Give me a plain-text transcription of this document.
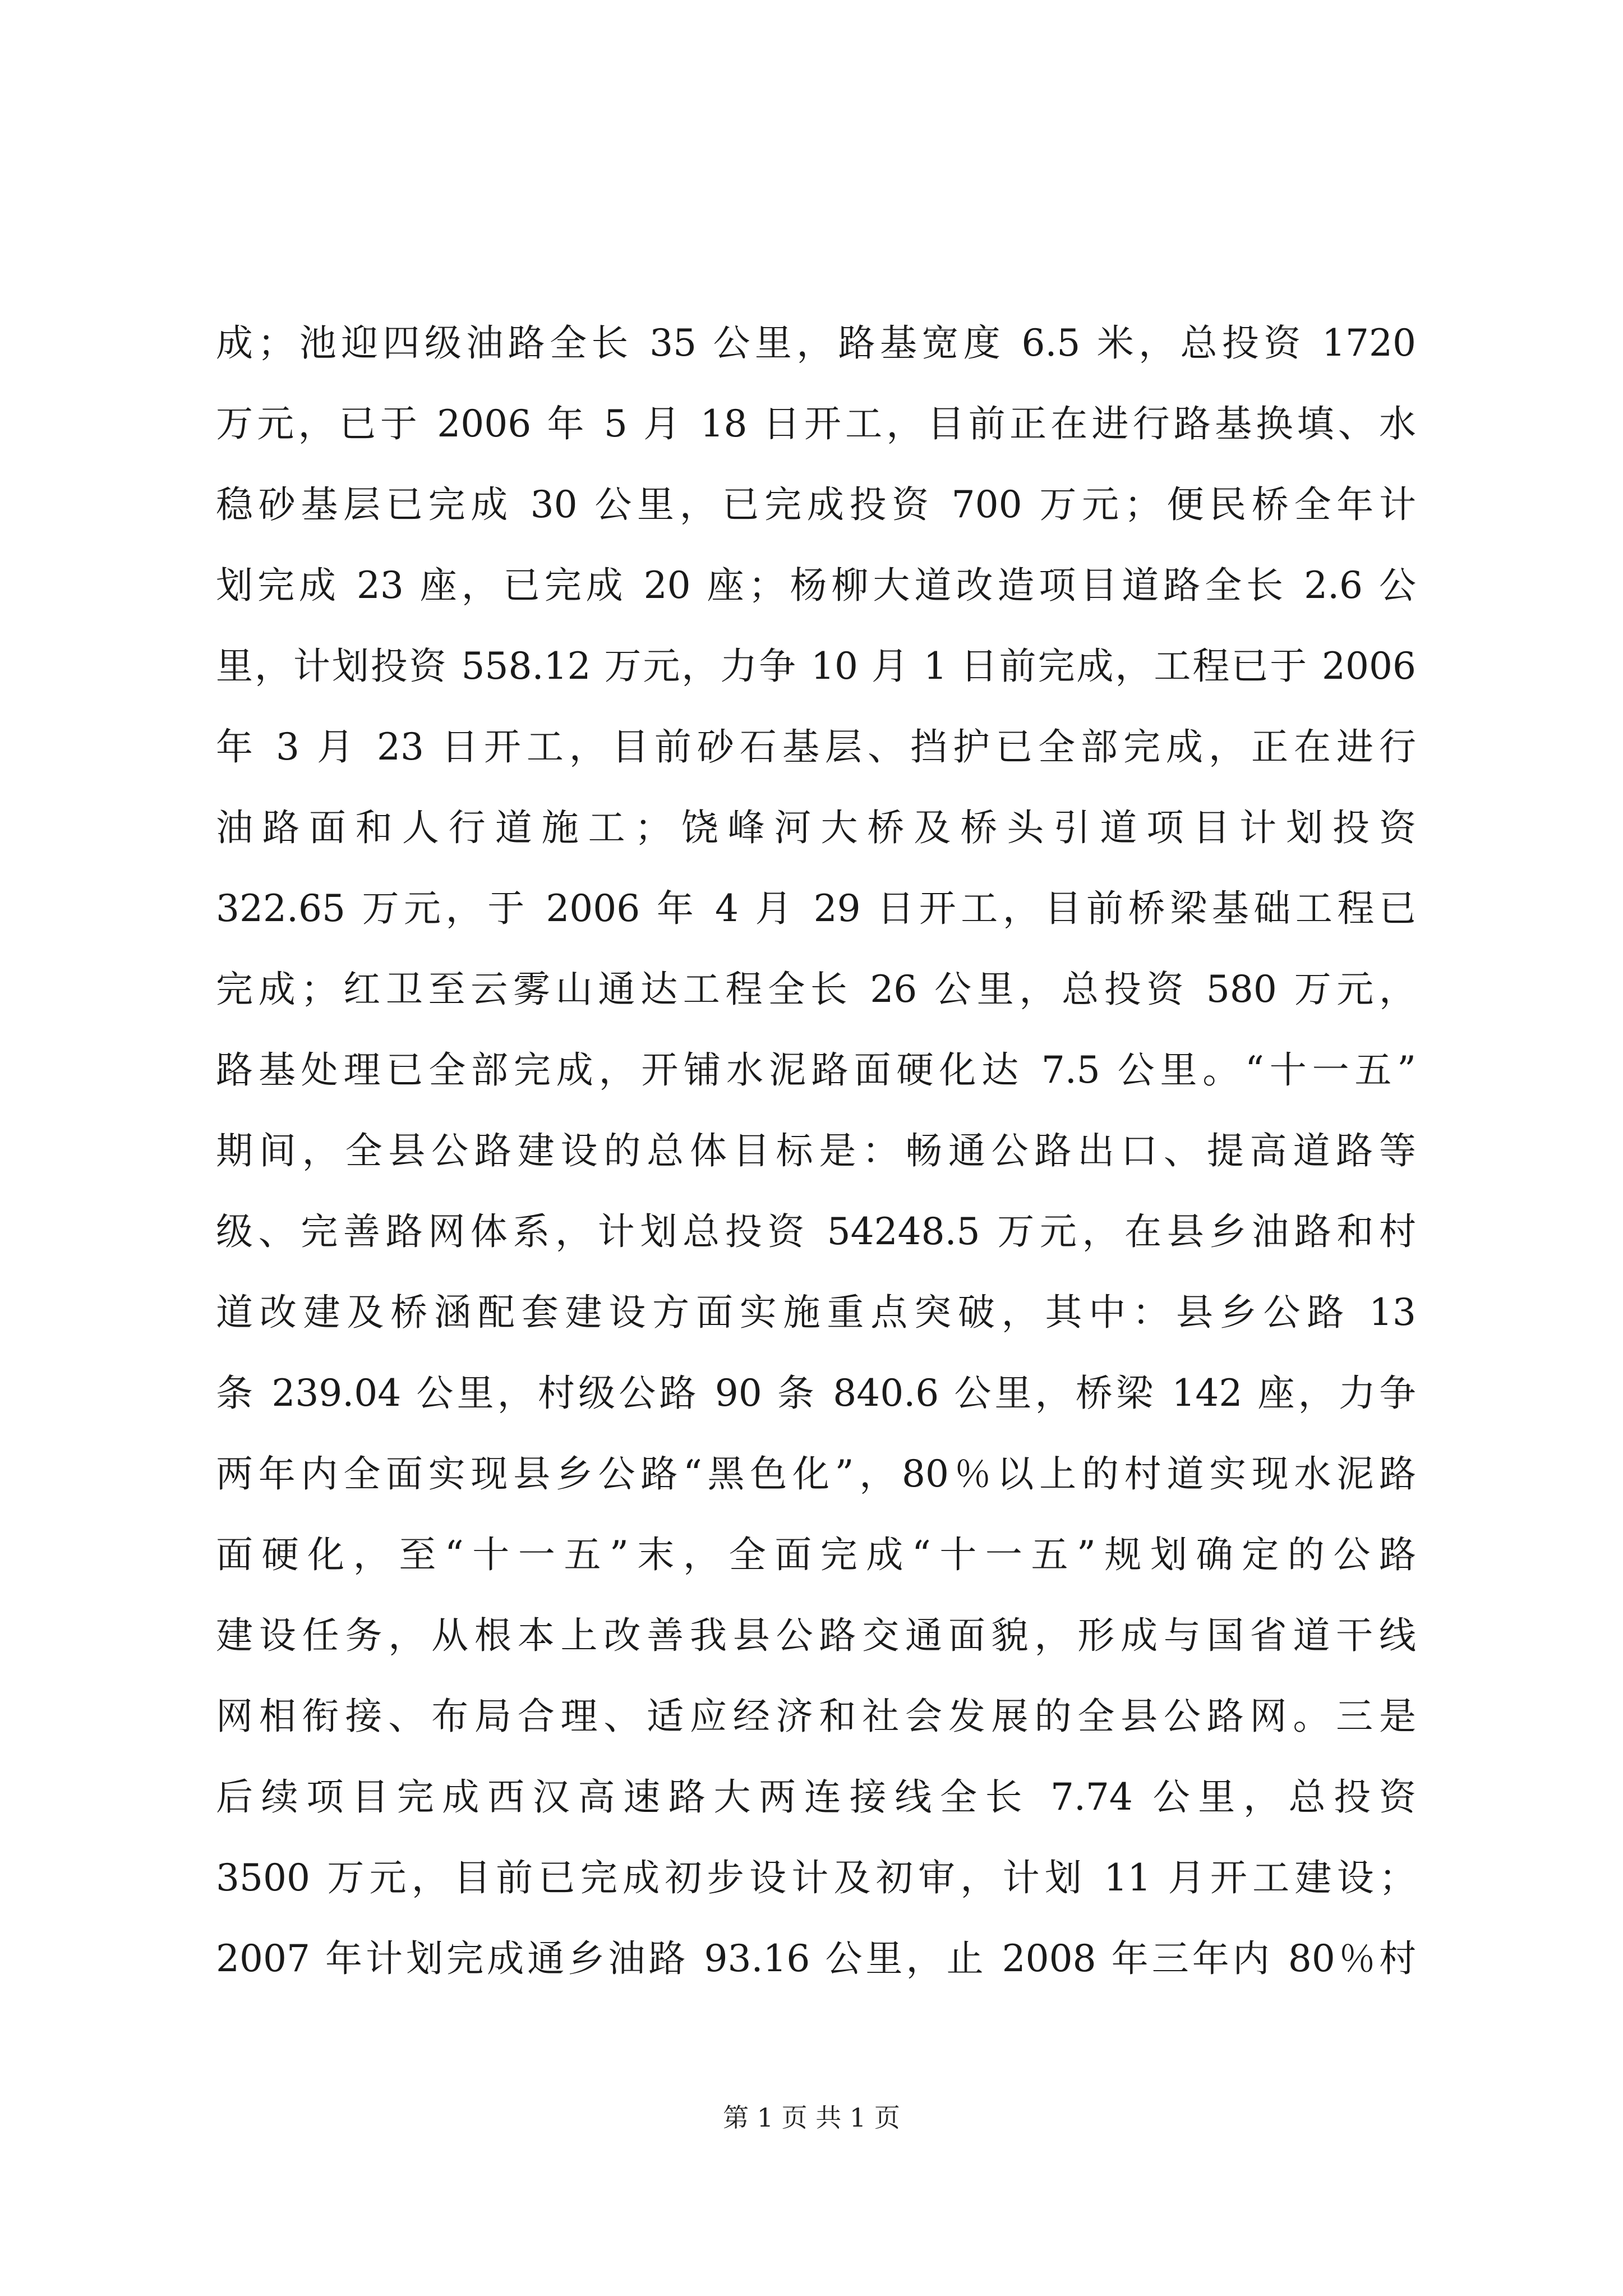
成；池迎四级油路全长 35 公里，路基宽度 6.5 米，总投资 1720
万元，已于 2006 年 5 月 18 日开工，目前正在进行路基换填、水
稳砂基层已完成 30 公里，已完成投资 700 万元；便民桥全年计
划完成 23 座，已完成 20 座；杨柳大道改造项目道路全长 2.6 公
里，计划投资 558.12 万元，力争 10 月 1 日前完成，工程已于 2006
年 3 月 23 日开工，目前砂石基层、挡护已全部完成，正在进行
油路面和人行道施工；饶峰河大桥及桥头引道项目计划投资
322.65 万元，于 2006 年 4 月 29 日开工，目前桥梁基础工程已
完成；红卫至云雾山通达工程全长 26 公里，总投资 580 万元，
路基处理已全部完成，开铺水泥路面硬化达 7.5 公里。“十一五”
期间，全县公路建设的总体目标是：畅通公路出口、提高道路等
级、完善路网体系，计划总投资 54248.5 万元，在县乡油路和村
道改建及桥涵配套建设方面实施重点突破，其中：县乡公路 13
条 239.04 公里，村级公路 90 条 840.6 公里，桥梁 142 座，力争
两年内全面实现县乡公路“黑色化”，80％以上的村道实现水泥路
面硬化，至“十一五”末，全面完成“十一五”规划确定的公路
建设任务，从根本上改善我县公路交通面貌，形成与国省道干线
网相衔接、布局合理、适应经济和社会发展的全县公路网。三是
后续项目完成西汉高速路大两连接线全长 7.74 公里，总投资
3500 万元，目前已完成初步设计及初审，计划 11 月开工建设；
2007 年计划完成通乡油路 93.16 公里，止 2008 年三年内 80％村
第 1 页 共 1 页
